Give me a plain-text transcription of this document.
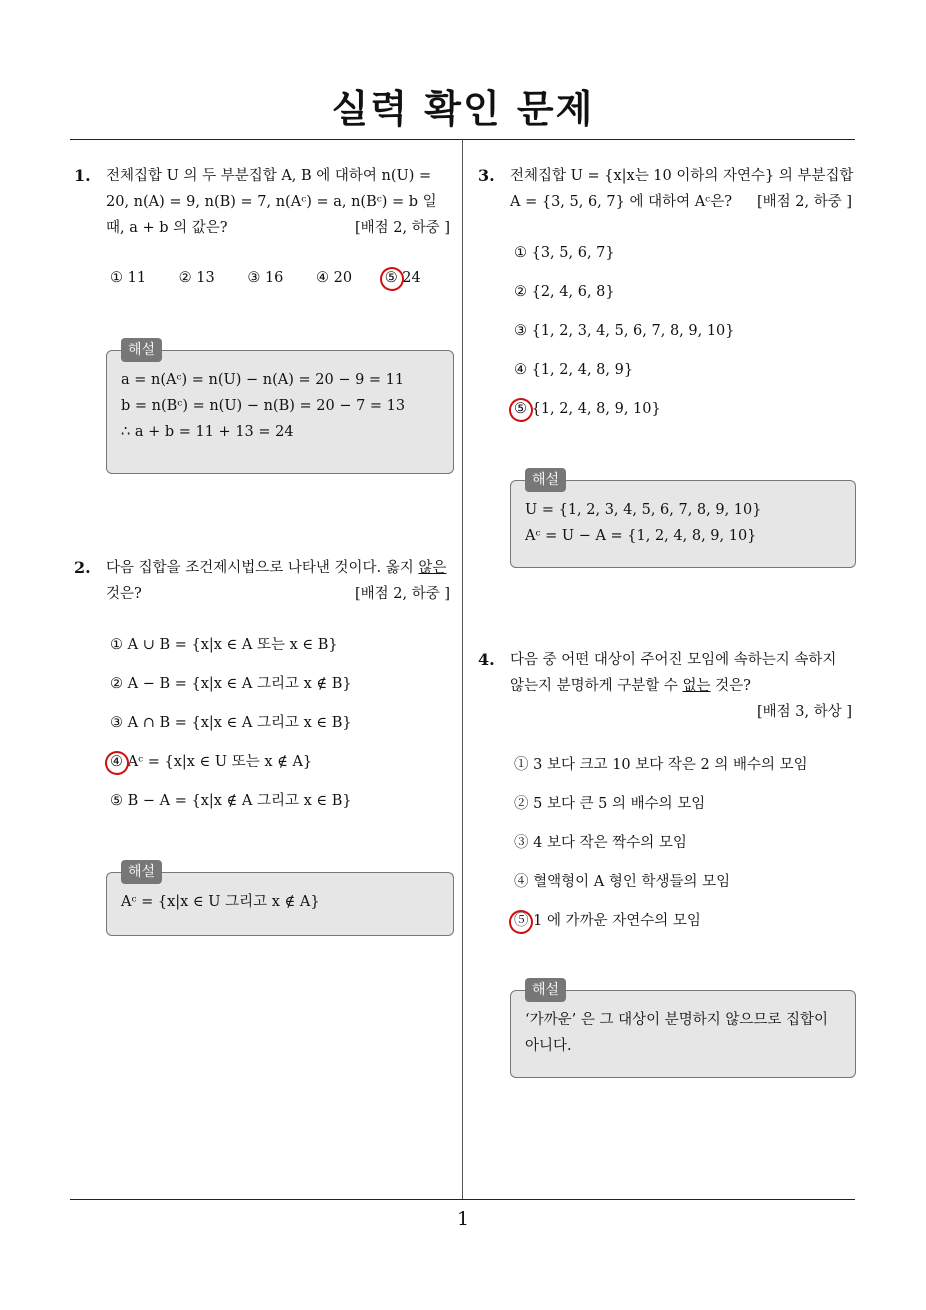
실력 확인 문제
1. 전체집합 U 의 두 부분집합 A, B 에 대하여 n(U) =
20, n(A) = 9, n(B) = 7, n(Aᶜ) = a, n(Bᶜ) = b 일
때, a + b 의 값은?	[배점 2, 하중 ]
① 11 ② 13 ③ 16 ④ 20 ⑤ 24
해설
a = n(Aᶜ) = n(U) − n(A) = 20 − 9 = 11
b = n(Bᶜ) = n(U) − n(B) = 20 − 7 = 13
∴ a + b = 11 + 13 = 24
2. 다음 집합을 조건제시법으로 나타낸 것이다. 옳지 않은
것은?	[배점 2, 하중 ]
① A ∪ B = {x|x ∈ A 또는 x ∈ B}
② A − B = {x|x ∈ A 그리고 x ∉ B}
③ A ∩ B = {x|x ∈ A 그리고 x ∈ B}
④ Aᶜ = {x|x ∈ U 또는 x ∉ A}
⑤ B − A = {x|x ∉ A 그리고 x ∈ B}
해설
Aᶜ = {x|x ∈ U 그리고 x ∉ A}
3. 전체집합 U = {x|x는 10 이하의 자연수} 의 부분집합
A = {3, 5, 6, 7} 에 대하여 Aᶜ은? [배점 2, 하중 ]
① {3, 5, 6, 7}
② {2, 4, 6, 8}
③ {1, 2, 3, 4, 5, 6, 7, 8, 9, 10}
④ {1, 2, 4, 8, 9}
⑤ {1, 2, 4, 8, 9, 10}
해설
U = {1, 2, 3, 4, 5, 6, 7, 8, 9, 10}
Aᶜ = U − A = {1, 2, 4, 8, 9, 10}
4. 다음 중 어떤 대상이 주어진 모임에 속하는지 속하지
않는지 분명하게 구분할 수 없는 것은?
[배점 3, 하상 ]
① 3 보다 크고 10 보다 작은 2 의 배수의 모임
② 5 보다 큰 5 의 배수의 모임
③ 4 보다 작은 짝수의 모임
④ 혈액형이 A 형인 학생들의 모임
⑤ 1 에 가까운 자연수의 모임
해설
‘가까운’ 은 그 대상이 분명하지 않으므로 집합이
아니다.
1
